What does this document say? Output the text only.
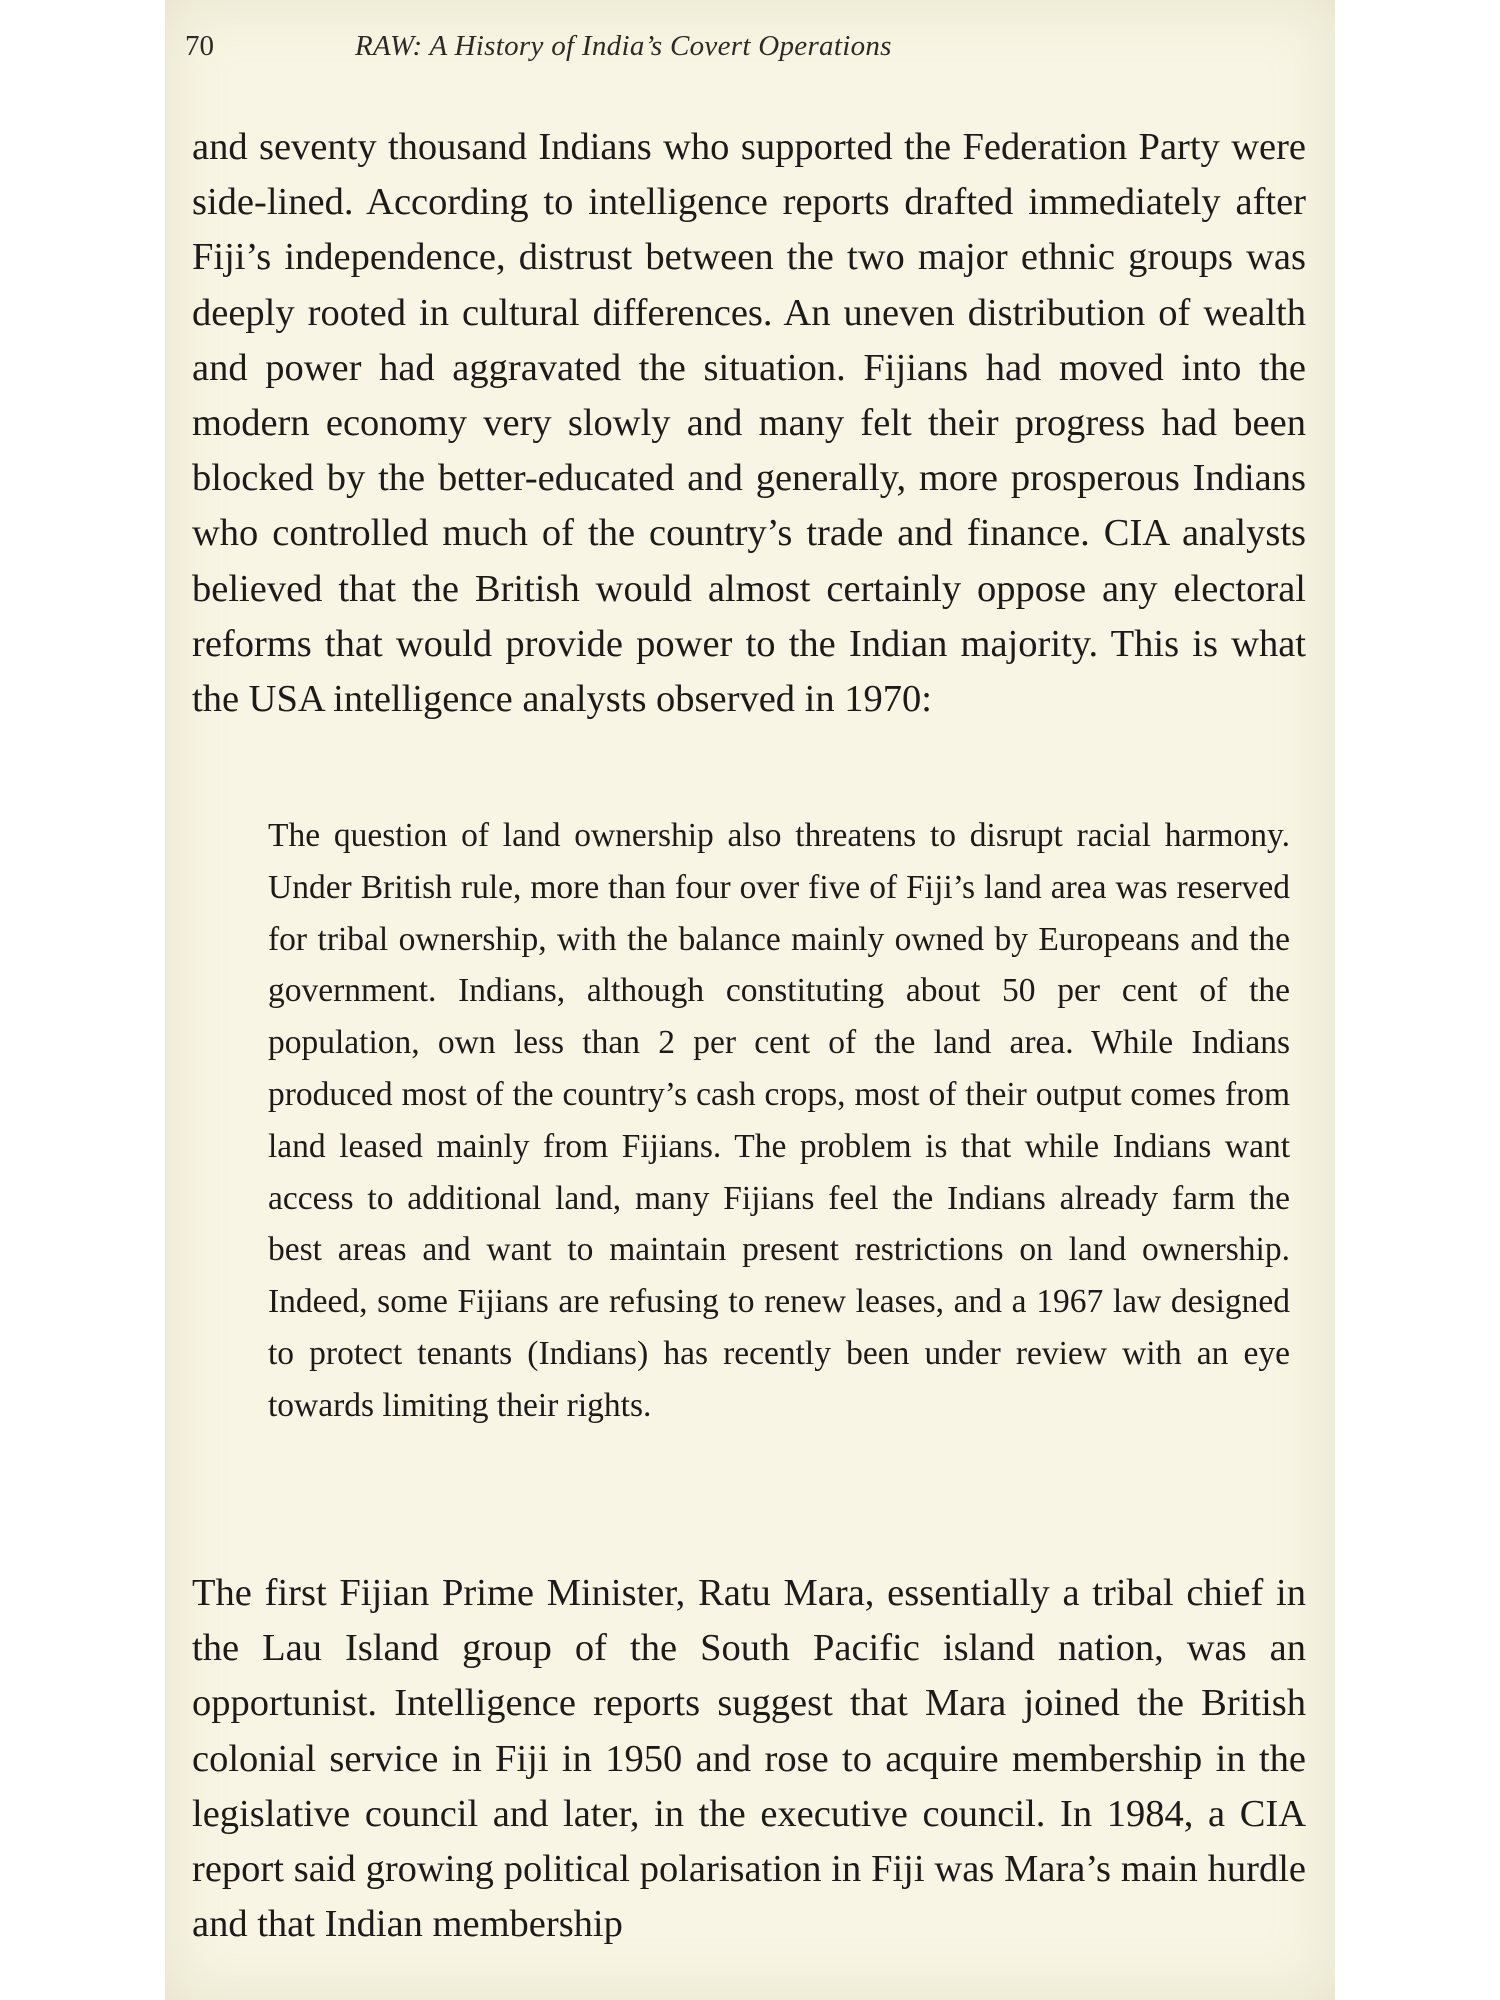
70	RAW: A History of India’s Covert Operations

and seventy thousand Indians who supported the Federation Party were side-lined. According to intelligence reports drafted immediately after Fiji’s independence, distrust between the two major ethnic groups was deeply rooted in cultural differences. An uneven distribution of wealth and power had aggravated the situation. Fijians had moved into the modern economy very slowly and many felt their progress had been blocked by the better-educated and generally, more prosperous Indians who controlled much of the country’s trade and finance. CIA analysts believed that the British would almost certainly oppose any electoral reforms that would provide power to the Indian majority. This is what the USA intelligence analysts observed in 1970:

The question of land ownership also threatens to disrupt racial harmony. Under British rule, more than four over five of Fiji’s land area was reserved for tribal ownership, with the balance mainly owned by Europeans and the government. Indians, although constituting about 50 per cent of the population, own less than 2 per cent of the land area. While Indians produced most of the country’s cash crops, most of their output comes from land leased mainly from Fijians. The problem is that while Indians want access to additional land, many Fijians feel the Indians already farm the best areas and want to maintain present restrictions on land ownership. Indeed, some Fijians are refusing to renew leases, and a 1967 law designed to protect tenants (Indians) has recently been under review with an eye towards limiting their rights.

The first Fijian Prime Minister, Ratu Mara, essentially a tribal chief in the Lau Island group of the South Pacific island nation, was an opportunist. Intelligence reports suggest that Mara joined the British colonial service in Fiji in 1950 and rose to acquire membership in the legislative council and later, in the executive council. In 1984, a CIA report said growing political polarisation in Fiji was Mara’s main hurdle and that Indian membership
